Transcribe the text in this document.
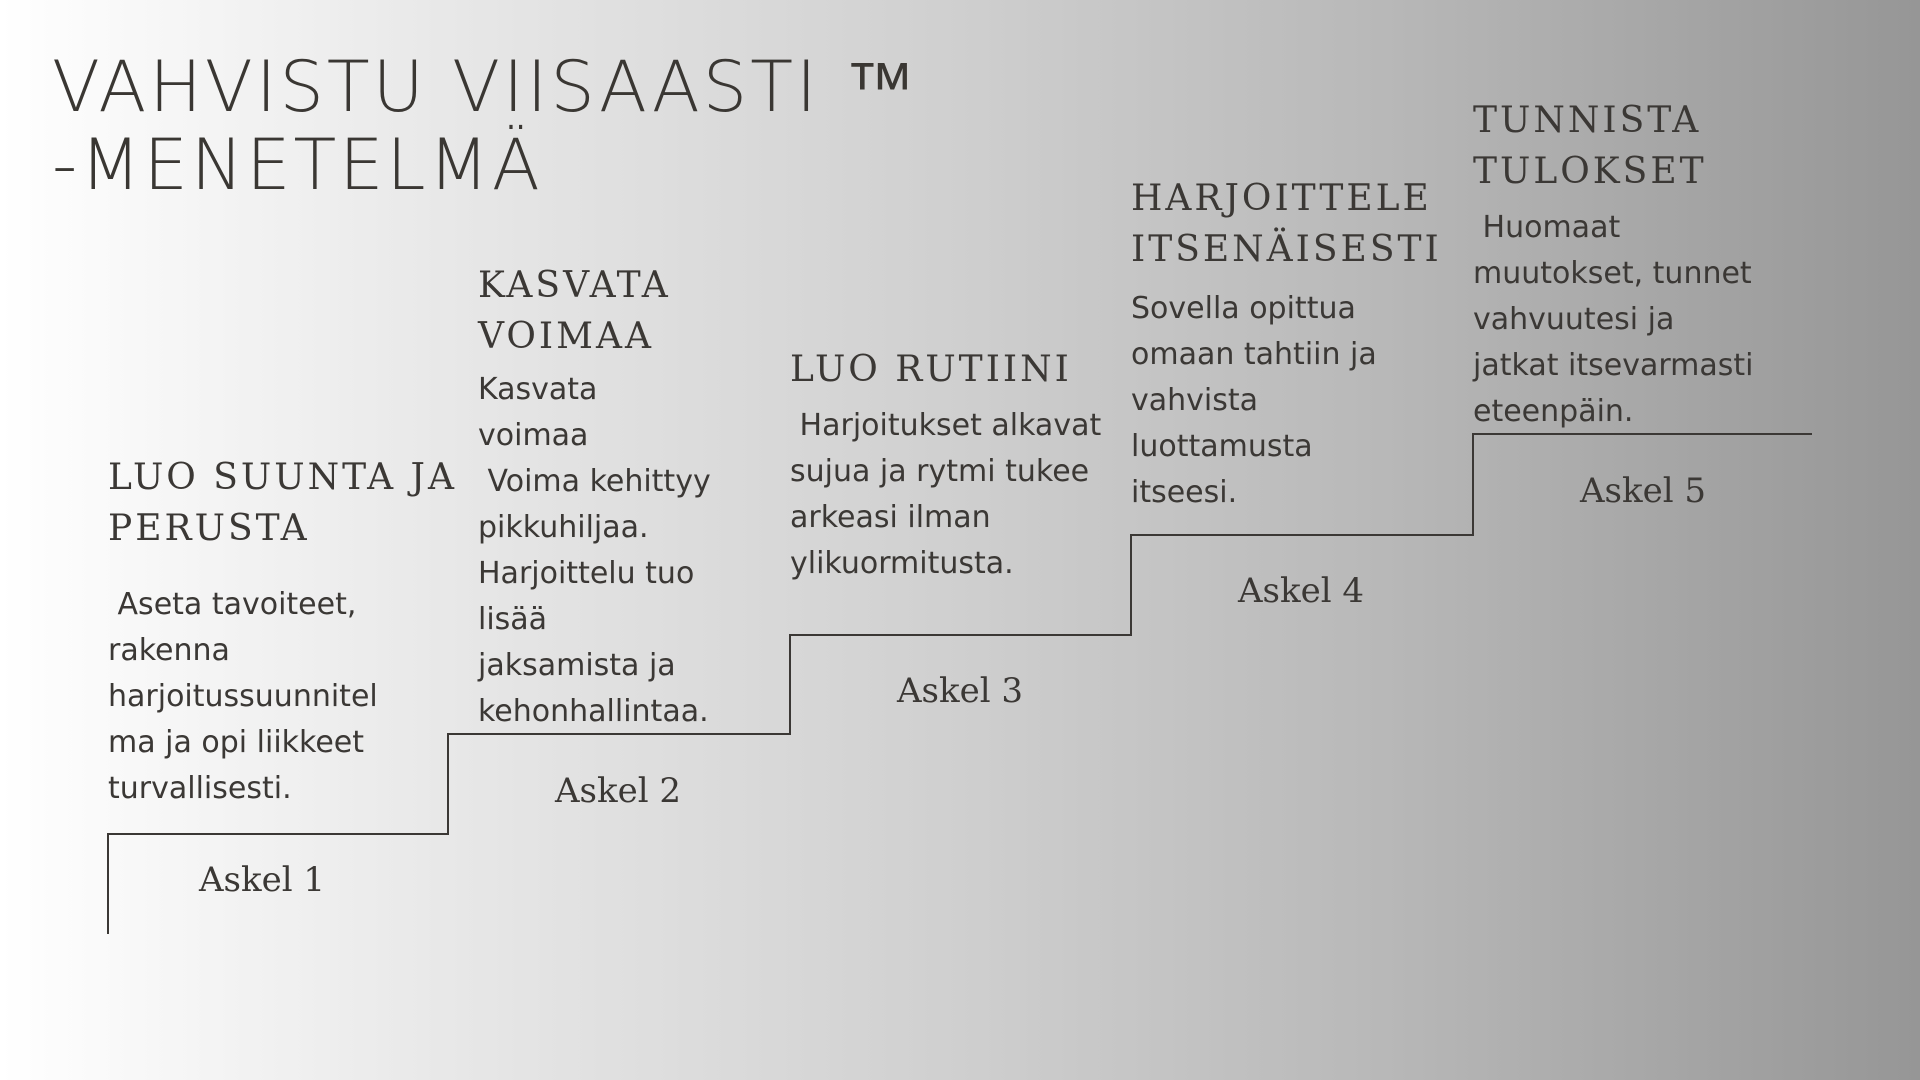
VAHVISTU VIISAASTI ™
-MENETELMÄ
LUO SUUNTA JA
PERUSTA
Aseta tavoiteet,
rakenna
harjoitussuunnitel
ma ja opi liikkeet
turvallisesti.
Askel 1
KASVATA
VOIMAA
Kasvata
voimaa
Voima kehittyy
pikkuhiljaa.
Harjoittelu tuo
lisää
jaksamista ja
kehonhallintaa.
Askel 2
LUO RUTIINI
Harjoitukset alkavat
sujua ja rytmi tukee
arkeasi ilman
ylikuormitusta.
Askel 3
HARJOITTELE
ITSENÄISESTI
Sovella opittua
omaan tahtiin ja
vahvista
luottamusta
itseesi.
Askel 4
TUNNISTA
TULOKSET
Huomaat
muutokset, tunnet
vahvuutesi ja
jatkat itsevarmasti
eteenpäin.
Askel 5
